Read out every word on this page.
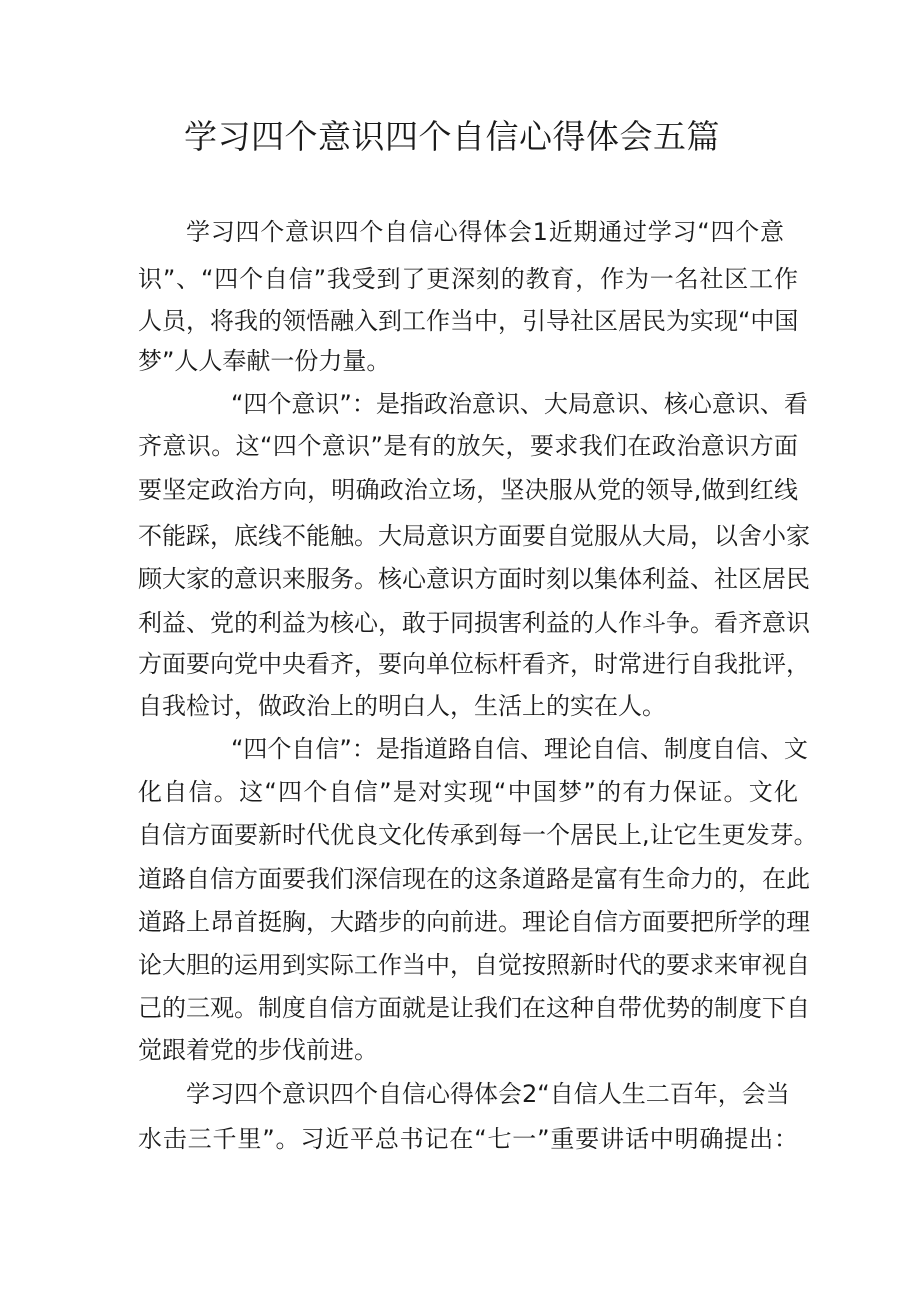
学习四个意识四个自信心得体会五篇
学习四个意识四个自信心得体会1近期通过学习“四个意
识”、“四个自信”我受到了更深刻的教育，作为一名社区工作
人员，将我的领悟融入到工作当中，引导社区居民为实现“中国
梦”人人奉献一份力量。
“四个意识”：是指政治意识、大局意识、核心意识、看
齐意识。这“四个意识”是有的放矢，要求我们在政治意识方面
要坚定政治方向，明确政治立场，坚决服从党的领导,做到红线
不能踩，底线不能触。大局意识方面要自觉服从大局，以舍小家
顾大家的意识来服务。核心意识方面时刻以集体利益、社区居民
利益、党的利益为核心，敢于同损害利益的人作斗争。看齐意识
方面要向党中央看齐，要向单位标杆看齐，时常进行自我批评，
自我检讨，做政治上的明白人，生活上的实在人。
“四个自信”：是指道路自信、理论自信、制度自信、文
化自信。这“四个自信”是对实现“中国梦”的有力保证。文化
自信方面要新时代优良文化传承到每一个居民上,让它生更发芽。
道路自信方面要我们深信现在的这条道路是富有生命力的，在此
道路上昂首挺胸，大踏步的向前进。理论自信方面要把所学的理
论大胆的运用到实际工作当中，自觉按照新时代的要求来审视自
己的三观。制度自信方面就是让我们在这种自带优势的制度下自
觉跟着党的步伐前进。
学习四个意识四个自信心得体会2“自信人生二百年，会当
水击三千里”。习近平总书记在“七一”重要讲话中明确提出：
